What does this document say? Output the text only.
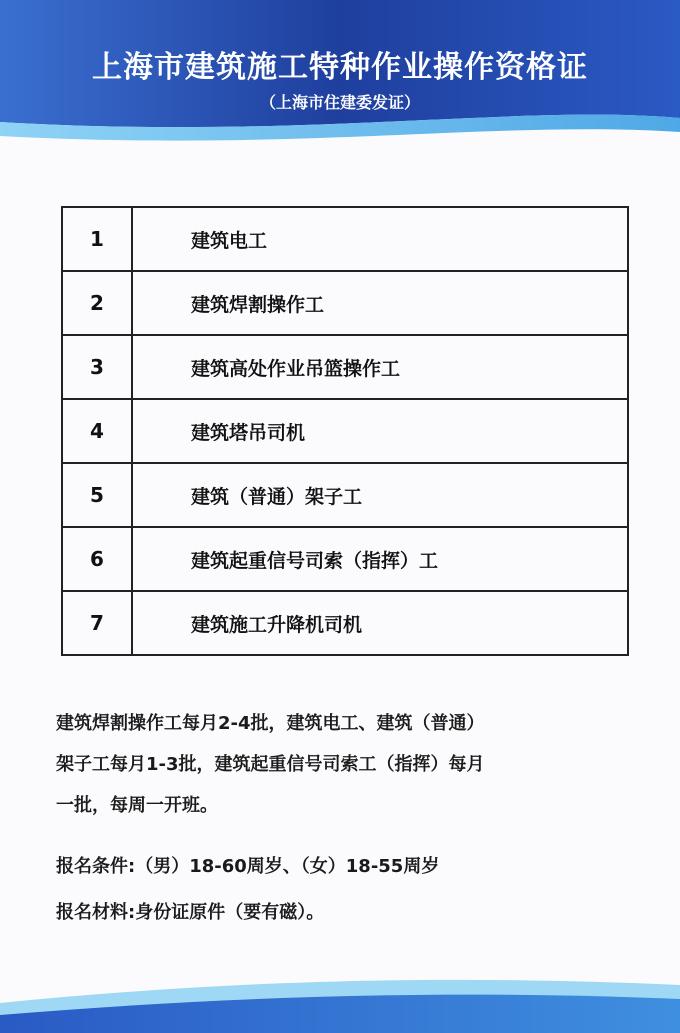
上海市建筑施工特种作业操作资格证
（上海市住建委发证）
1	建筑电工
2	建筑焊割操作工
3	建筑高处作业吊篮操作工
4	建筑塔吊司机
5	建筑（普通）架子工
6	建筑起重信号司索（指挥）工
7	建筑施工升降机司机
建筑焊割操作工每月2-4批，建筑电工、建筑（普通）
架子工每月1-3批，建筑起重信号司索工（指挥）每月
一批，每周一开班。
报名条件:（男）18-60周岁、（女）18-55周岁
报名材料:身份证原件（要有磁）。
